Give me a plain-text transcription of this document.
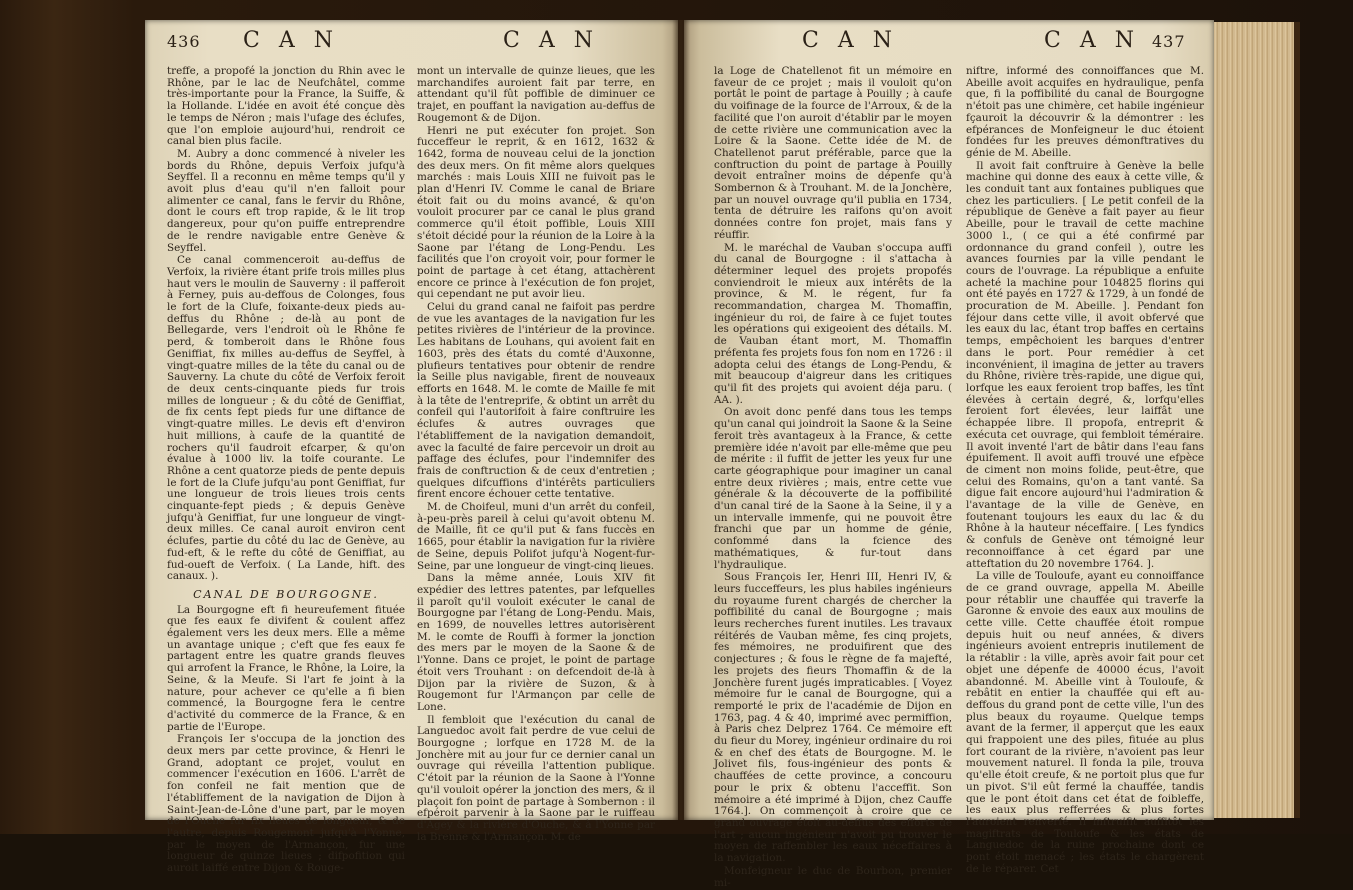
436 C A N	C A N

treffe, a propofé la jonction du Rhin avec le Rhône, par le lac de Neufchâtel, comme très-importante pour la France, la Suiffe, & la Hollande. L'idée en avoit été conçue dès le temps de Néron ; mais l'ufage des éclufes, que l'on emploie aujourd'hui, rendroit ce canal bien plus facile.

M. Aubry a donc commencé à niveler les bords du Rhône, depuis Verfoix jufqu'à Seyffel. Il a reconnu en même temps qu'il y avoit plus d'eau qu'il n'en falloit pour alimenter ce canal, fans le fervir du Rhône, dont le cours eft trop rapide, & le lit trop dangereux, pour qu'on puiffe entreprendre de le rendre navigable entre Genève & Seyffel.

Ce canal commenceroit au-deffus de Verfoix, la rivière étant prife trois milles plus haut vers le moulin de Sauverny : il pafferoit à Ferney, puis au-deffous de Colonges, fous le fort de la Clufe, foixante-deux pieds au-deffus du Rhône ; de-là au pont de Bellegarde, vers l'endroit où le Rhône fe perd, & tomberoit dans le Rhône fous Geniffiat, fix milles au-deffus de Seyffel, à vingt-quatre milles de la tête du canal ou de Sauverny. La chute du côté de Verfoix feroit de deux cents-cinquante pieds fur trois milles de longueur ; & du côté de Geniffiat, de fix cents fept pieds fur une diftance de vingt-quatre milles. Le devis eft d'environ huit millions, à caufe de la quantité de rochers qu'il faudroit efcarper, & qu'on évalue à 1000 liv. la toife courante. Le Rhône a cent quatorze pieds de pente depuis le fort de la Clufe jufqu'au pont Geniffiat, fur une longueur de trois lieues trois cents cinquante-fept pieds ; & depuis Genève jufqu'à Geniffiat, fur une longueur de vingt-deux milles. Ce canal auroit environ cent éclufes, partie du côté du lac de Genève, au fud-eft, & le refte du côté de Geniffiat, au fud-oueft de Verfoix. ( La Lande, hift. des canaux. ).

CANAL DE BOURGOGNE.

La Bourgogne eft fi heureufement fituée que fes eaux fe divifent & coulent affez également vers les deux mers. Elle a même un avantage unique ; c'eft que fes eaux fe partagent entre les quatre grands fleuves qui arrofent la France, le Rhône, la Loire, la Seine, & la Meufe. Si l'art fe joint à la nature, pour achever ce qu'elle a fi bien commencé, la Bourgogne fera le centre d'activité du commerce de la France, & en partie de l'Europe.

François Ier s'occupa de la jonction des deux mers par cette province, & Henri le Grand, adoptant ce projet, voulut en commencer l'exécution en 1606. L'arrêt de fon confeil ne fait mention que de l'établiffement de la navigation de Dijon à Saint-Jean-de-Lône d'une part, par le moyen de l'Ouche fur fix lieues de longueur, & de l'autre, depuis Rougemont jufqu'à l'Yonne, par le moyen de l'Armançon, fur une longueur de quinze lieues ; difpofition qui auroit laiffé entre Dijon & Rouge-

mont un intervalle de quinze lieues, que les marchandifes auroient fait par terre, en attendant qu'il fût poffible de diminuer ce trajet, en pouffant la navigation au-deffus de Rougemont & de Dijon.

Henri ne put exécuter fon projet. Son fucceffeur le reprit, & en 1612, 1632 & 1642, forma de nouveau celui de la jonction des deux mers. On fit même alors quelques marchés : mais Louis XIII ne fuivoit pas le plan d'Henri IV. Comme le canal de Briare étoit fait ou du moins avancé, & qu'on vouloit procurer par ce canal le plus grand commerce qu'il étoit poffible, Louis XIII s'étoit décidé pour la réunion de la Loire à la Saone par l'étang de Long-Pendu. Les facilités que l'on croyoit voir, pour former le point de partage à cet étang, attachèrent encore ce prince à l'exécution de fon projet, qui cependant ne put avoir lieu.

Celui du grand canal ne faifoit pas perdre de vue les avantages de la navigation fur les petites rivières de l'intérieur de la province. Les habitans de Louhans, qui avoient fait en 1603, près des états du comté d'Auxonne, plufieurs tentatives pour obtenir de rendre la Seille plus navigable, firent de nouveaux efforts en 1648. M. le comte de Maille fe mit à la tête de l'entreprife, & obtint un arrêt du confeil qui l'autorifoit à faire conftruire les éclufes & autres ouvrages que l'établiffement de la navigation demandoit, avec la faculté de faire percevoir un droit au paffage des éclufes, pour l'indemnifer des frais de conftruction & de ceux d'entretien ; quelques difcuffions d'intérêts particuliers firent encore échouer cette tentative.

M. de Choifeul, muni d'un arrêt du confeil, à-peu-près pareil à celui qu'avoit obtenu M. de Maille, fit ce qu'il put & fans fuccès en 1665, pour établir la navigation fur la rivière de Seine, depuis Polifot jufqu'à Nogent-fur-Seine, par une longueur de vingt-cinq lieues.

Dans la même année, Louis XIV fit expédier des lettres patentes, par lefquelles il paroît qu'il vouloit exécuter le canal de Bourgogne par l'étang de Long-Pendu. Mais, en 1699, de nouvelles lettres autorisèrent M. le comte de Rouffi à former la jonction des mers par le moyen de la Saone & de l'Yonne. Dans ce projet, le point de partage étoit vers Trouhant : on defcendoit de-là à Dijon par la rivière de Suzon, & à Rougemont fur l'Armançon par celle de Lone.

Il fembloit que l'exécution du canal de Languedoc avoit fait perdre de vue celui de Bourgogne ; lorfque en 1728 M. de la Jonchère mit au jour fur ce dernier canal un ouvrage qui réveilla l'attention publique. C'étoit par la réunion de la Saone à l'Yonne qu'il vouloit opérer la jonction des mers, & il plaçoit fon point de partage à Sombernon : il efpéroit parvenir à la Saone par le ruiffeau d'Agey & la rivière d'Ouche, & à l'Yonne par la Brenne & l'Armançon. M. de

C A N	C A N 437

la Loge de Chatellenot fit un mémoire en faveur de ce projet ; mais il vouloit qu'on portât le point de partage à Pouilly ; à caufe du voifinage de la fource de l'Arroux, & de la facilité que l'on auroit d'établir par le moyen de cette rivière une communication avec la Loire & la Saone. Cette idée de M. de Chatellenot parut préférable, parce que la conftruction du point de partage à Pouilly devoit entraîner moins de dépenfe qu'à Sombernon & à Trouhant. M. de la Jonchère, par un nouvel ouvrage qu'il publia en 1734, tenta de détruire les raifons qu'on avoit données contre fon projet, mais fans y réuffir.

M. le maréchal de Vauban s'occupa auffi du canal de Bourgogne : il s'attacha à déterminer lequel des projets propofés conviendroit le mieux aux intérêts de la province, & M. le régent, fur fa recommandation, chargea M. Thomaffin, ingénieur du roi, de faire à ce fujet toutes les opérations qui exigeoient des détails. M. de Vauban étant mort, M. Thomaffin préfenta fes projets fous fon nom en 1726 : il adopta celui des étangs de Long-Pendu, & mit beaucoup d'aigreur dans les critiques qu'il fit des projets qui avoient déja paru. ( AA. ).

On avoit donc penfé dans tous les temps qu'un canal qui joindroit la Saone & la Seine feroit très avantageux à la France, & cette première idée n'avoit par elle-même que peu de mérite : il fuffit de jetter les yeux fur une carte géographique pour imaginer un canal entre deux rivières ; mais, entre cette vue générale & la découverte de la poffibilité d'un canal tiré de la Saone à la Seine, il y a un intervalle immenfe, qui ne pouvoit être franchi que par un homme de génie, confommé dans la fcience des mathématiques, & fur-tout dans l'hydraulique.

Sous François Ier, Henri III, Henri IV, & leurs fucceffeurs, les plus habiles ingénieurs du royaume furent chargés de chercher la poffibilité du canal de Bourgogne ; mais leurs recherches furent inutiles. Les travaux réitérés de Vauban même, fes cinq projets, fes mémoires, ne produifirent que des conjectures ; & fous le règne de fa majefté, les projets des fieurs Thomaffin & de la Jonchère furent jugés impraticables. [ Voyez mémoire fur le canal de Bourgogne, qui a remporté le prix de l'académie de Dijon en 1763, pag. 4 & 40, imprimé avec permiffion, à Paris chez Delprez 1764. Ce mémoire eft du fieur du Morey, ingénieur ordinaire du roi & en chef des états de Bourgogne. M. le Jolivet fils, fous-ingénieur des ponts & chauffées de cette province, a concouru pour le prix & obtenu l'acceffit. Son mémoire a été imprimé à Dijon, chez Cauffe 1764.]. On commençoit à croire que ce grand ouvrage étoit au-deffus des efforts de l'art ; aucun ingénieur n'avoit pu trouver le moyen de raffembler les eaux néceffaires à la navigation.

Monfeigneur le duc de Bourbon, premier mi-

niftre, informé des connoiffances que M. Abeille avoit acquifes en hydraulique, penfa que, fi la poffibilité du canal de Bourgogne n'étoit pas une chimère, cet habile ingénieur fçauroit la découvrir & la démontrer : les efpérances de Monfeigneur le duc étoient fondées fur les preuves démonftratives du génie de M. Abeille.

Il avoit fait conftruire à Genève la belle machine qui donne des eaux à cette ville, & les conduit tant aux fontaines publiques que chez les particuliers. [ Le petit confeil de la république de Genève a fait payer au fieur Abeille, pour le travail de cette machine 3000 l., ( ce qui a été confirmé par ordonnance du grand confeil ), outre les avances fournies par la ville pendant le cours de l'ouvrage. La république a enfuite acheté la machine pour 104825 florins qui ont été payés en 1727 & 1729, à un fondé de procuration de M. Abeille. ]. Pendant fon féjour dans cette ville, il avoit obfervé que les eaux du lac, étant trop baffes en certains temps, empêchoient les barques d'entrer dans le port. Pour remédier à cet inconvénient, il imagina de jetter au travers du Rhône, rivière très-rapide, une digue qui, lorfque les eaux feroient trop baffes, les tînt élevées à certain degré, &, lorfqu'elles feroient fort élevées, leur laiffât une échappée libre. Il propofa, entreprit & exécuta cet ouvrage, qui fembloit téméraire. Il avoit inventé l'art de bâtir dans l'eau fans épuifement. Il avoit auffi trouvé une efpèce de ciment non moins folide, peut-être, que celui des Romains, qu'on a tant vanté. Sa digue fait encore aujourd'hui l'admiration & l'avantage de la ville de Genève, en foutenant toujours les eaux du lac & du Rhône à la hauteur néceffaire. [ Les fyndics & confuls de Genève ont témoigné leur reconnoiffance à cet égard par une atteftation du 20 novembre 1764. ].

La ville de Touloufe, ayant eu connoiffance de ce grand ouvrage, appella M. Abeille pour rétablir une chauffée qui traverfe la Garonne & envoie des eaux aux moulins de cette ville. Cette chauffée étoit rompue depuis huit ou neuf années, & divers ingénieurs avoient entrepris inutilement de la rétablir : la ville, après avoir fait pour cet objet une dépenfe de 40000 écus, l'avoit abandonné. M. Abeille vint à Touloufe, & rebâtit en entier la chauffée qui eft au-deffous du grand pont de cette ville, l'un des plus beaux du royaume. Quelque temps avant de la fermer, il apperçut que les eaux qui frappoient une des piles, fituée au plus fort courant de la rivière, n'avoient pas leur mouvement naturel. Il fonda la pile, trouva qu'elle étoit creufe, & ne portoit plus que fur un pivot. S'il eût fermé la chauffée, tandis que le pont étoit dans cet état de foibleffe, les eaux plus refferrées & plus fortes l'auroient renverfé. Il inftruifit auffitôt les magiftrats de Touloufe & les états de Languedoc de la ruine prochaine dont ce pont étoit menacé ; les états le chargèrent de le réparer. Cet
